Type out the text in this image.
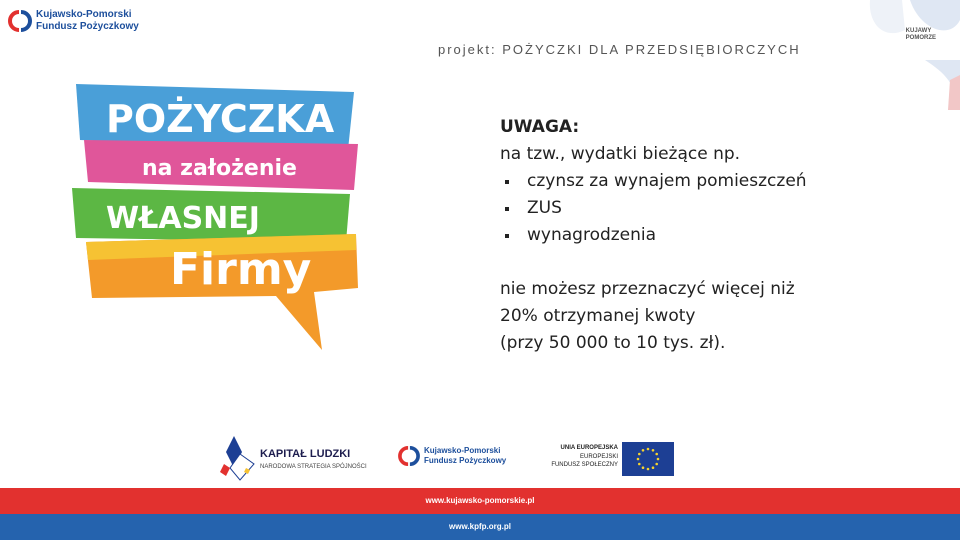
Kujawsko-Pomorski
Fundusz Pożyczkowy	KUJAWY
POMORZE
projekt: POŻYCZKI DLA PRZEDSIĘBIORCZYCH
POŻYCZKA
na założenie
WŁASNEJ
Firmy
UWAGA:
na tzw., wydatki bieżące np.
czynsz za wynajem pomieszczeń
ZUS
wynagrodzenia
nie możesz przeznaczyć więcej niż
20% otrzymanej kwoty
(przy 50 000 to 10 tys. zł).
KAPITAŁ LUDZKI
NARODOWA STRATEGIA SPÓJNOŚCI
Kujawsko-Pomorski
Fundusz Pożyczkowy
UNIA EUROPEJSKA
EUROPEJSKI
FUNDUSZ SPOŁECZNY
www.kujawsko-pomorskie.pl
www.kpfp.org.pl
